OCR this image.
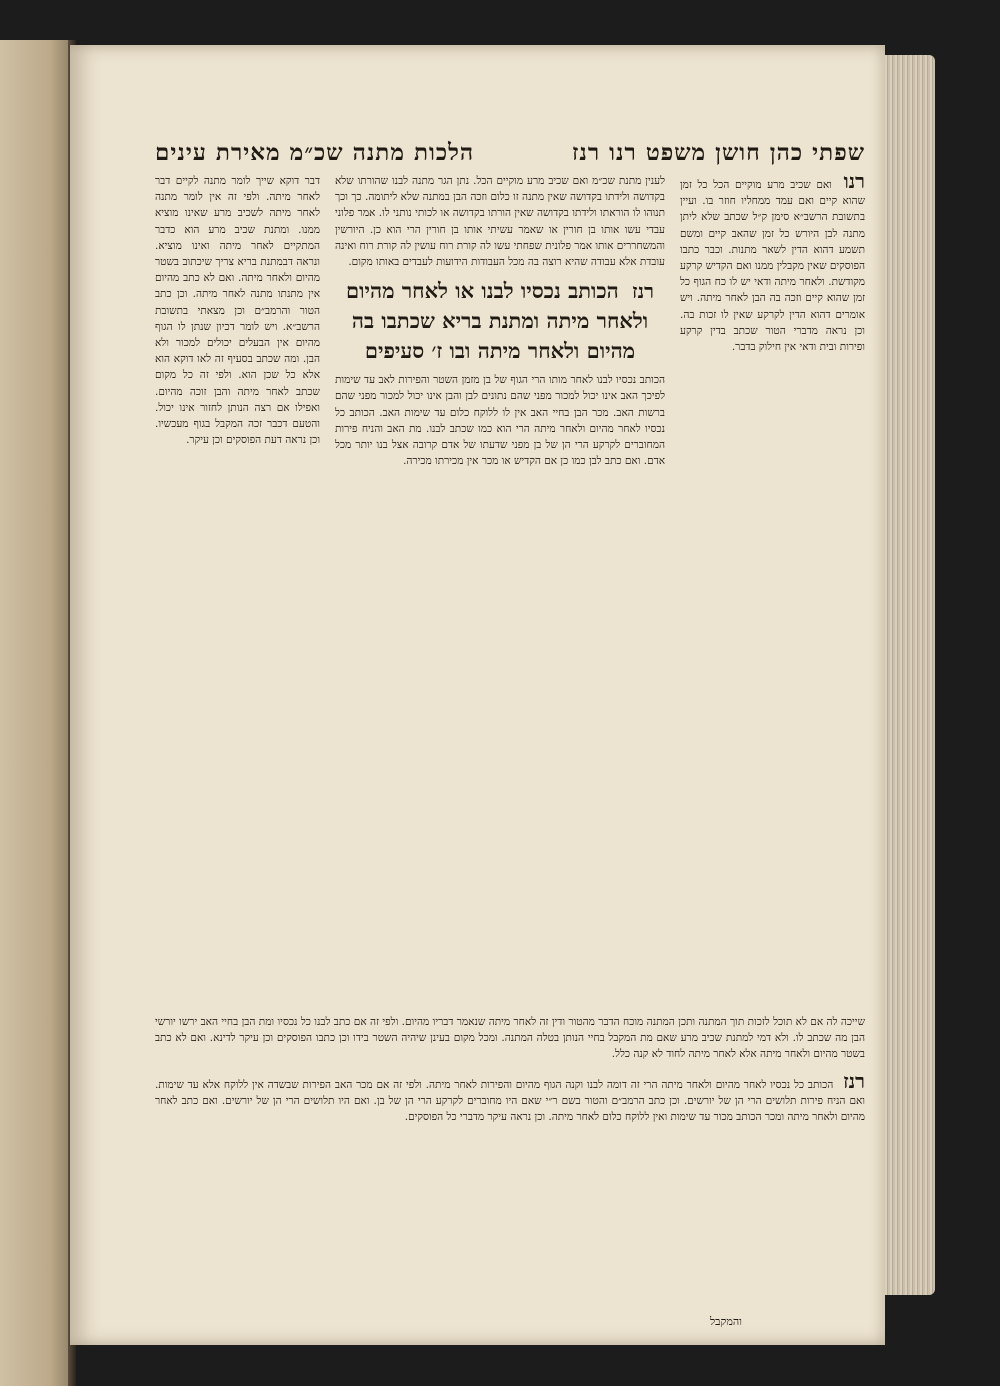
שפתי כהן חושן משפט רנו רנז
הלכות מתנה שכ״מ מאירת עינים
רנו ואם שכיב מרע מוקיים הכל כל זמן שהוא קיים ואם עמד ממחליו חוזר בו. ועיין בתשובת הרשב״א סימן ק״ל שכתב שלא ליתן מתנה לבן היורש כל זמן שהאב קיים ומשם תשמע דהוא הדין לשאר מתנות. וכבר כתבו הפוסקים שאין מקבלין ממנו ואם הקדיש קרקע מקודשת. ולאחר מיתה ודאי יש לו כח הגוף כל זמן שהוא קיים וזכה בה הבן לאחר מיתה. ויש אומרים דהוא הדין לקרקע שאין לו זכות בה. וכן נראה מדברי הטור שכתב בדין קרקע ופירות ובית ודאי אין חילוק בדבר.

לענין מתנת שכ״מ ואם שכיב מרע מוקיים הכל. נתן הגר מתנה לבנו שהורתו שלא בקדושה ולידתו בקדושה שאין מתנה זו כלום וזכה הבן במתנה שלא ליתומה. כך וכך תנוהו לו הוראתו ולידתו בקדושה שאין הורתו בקדושה או לכותי נותני לו. אמר פלוני עבדי עשו אותו בן חורין או שאמר עשיתי אותו בן חורין הרי הוא כן. היורשין והמשחררים אותו אמר פלונית שפחתי עשו לה קורת רוח עושין לה קורת רוח ואינה עובדת אלא עבודה שהיא רוצה בה מכל העבודות הידועות לעבדים באותו מקום.

רנז הכותב נכסיו לבנו או לאחר מהיום ולאחר מיתה ומתנת בריא שכתבו בה מהיום ולאחר מיתה ובו ז׳ סעיפים

הכותב נכסיו לבנו לאחר מותו הרי הגוף של בן מזמן השטר והפירות לאב עד שימות לפיכך האב אינו יכול למכור מפני שהם נתונים לבן והבן אינו יכול למכור מפני שהם ברשות האב. מכר הבן בחיי האב אין לו ללוקח כלום עד שימות האב. הכותב כל נכסיו לאחר מהיום ולאחר מיתה הרי הוא כמו שכתב לבנו. מת האב והניח פירות המחוברים לקרקע הרי הן של בן מפני שדעתו של אדם קרובה אצל בנו יותר מכל אדם. ואם כתב לבן כמו כן אם הקדיש או מכר אין מכירתו מכירה.

דבר דוקא שייך לומר מתנה לקיים דבר לאחר מיתה. ולפי זה אין לומר מתנה לאחר מיתה לשכיב מרע שאינו מוציא ממנו. ומתנת שכיב מרע הוא כדבר המתקיים לאחר מיתה ואינו מוציא. ונראה דבמתנת בריא צריך שיכתוב בשטר מהיום ולאחר מיתה. ואם לא כתב מהיום אין מתנתו מתנה לאחר מיתה. וכן כתב הטור והרמב״ם וכן מצאתי בתשובת הרשב״א. ויש לומר דכיון שנתן לו הגוף מהיום אין הבעלים יכולים למכור ולא הבן. ומה שכתב בסעיף זה לאו דוקא הוא אלא כל שכן הוא. ולפי זה כל מקום שכתב לאחר מיתה והבן זוכה מהיום. ואפילו אם רצה הנותן לחזור אינו יכול. והטעם דכבר זכה המקבל בגוף מעכשיו. וכן נראה דעת הפוסקים וכן עיקר.

שייכה לה אם לא תוכל לזכות תוך המתנה ותכן המתנה מוכח הדבר מהטור ודין זה לאחר מיתה שנאמר דבריו מהיום. ולפי זה אם כתב לבנו כל נכסיו ומת הבן בחיי האב ירשו יורשי הבן מה שכתב לו. ולא דמי למתנת שכיב מרע שאם מת המקבל בחיי הנותן בטלה המתנה. ומכל מקום בעינן שיהיה השטר בידו וכן כתבו הפוסקים וכן עיקר לדינא. ואם לא כתב בשטר מהיום ולאחר מיתה אלא לאחר מיתה לחוד לא קנה כלל.

רנז הכותב כל נכסיו לאחר מהיום ולאחר מיתה הרי זה דומה לבנו וקנה הגוף מהיום והפירות לאחר מיתה. ולפי זה אם מכר האב הפירות שבשדה אין ללוקח אלא עד שימות. ואם הניח פירות תלושים הרי הן של יורשים. וכן כתב הרמב״ם והטור בשם ר״י שאם היו מחוברים לקרקע הרי הן של בן. ואם היו תלושים הרי הן של יורשים. ואם כתב לאחר מהיום ולאחר מיתה ומכר הכותב מכור עד שימות ואין ללוקח כלום לאחר מיתה. וכן נראה עיקר מדברי כל הפוסקים.

והמקבל
